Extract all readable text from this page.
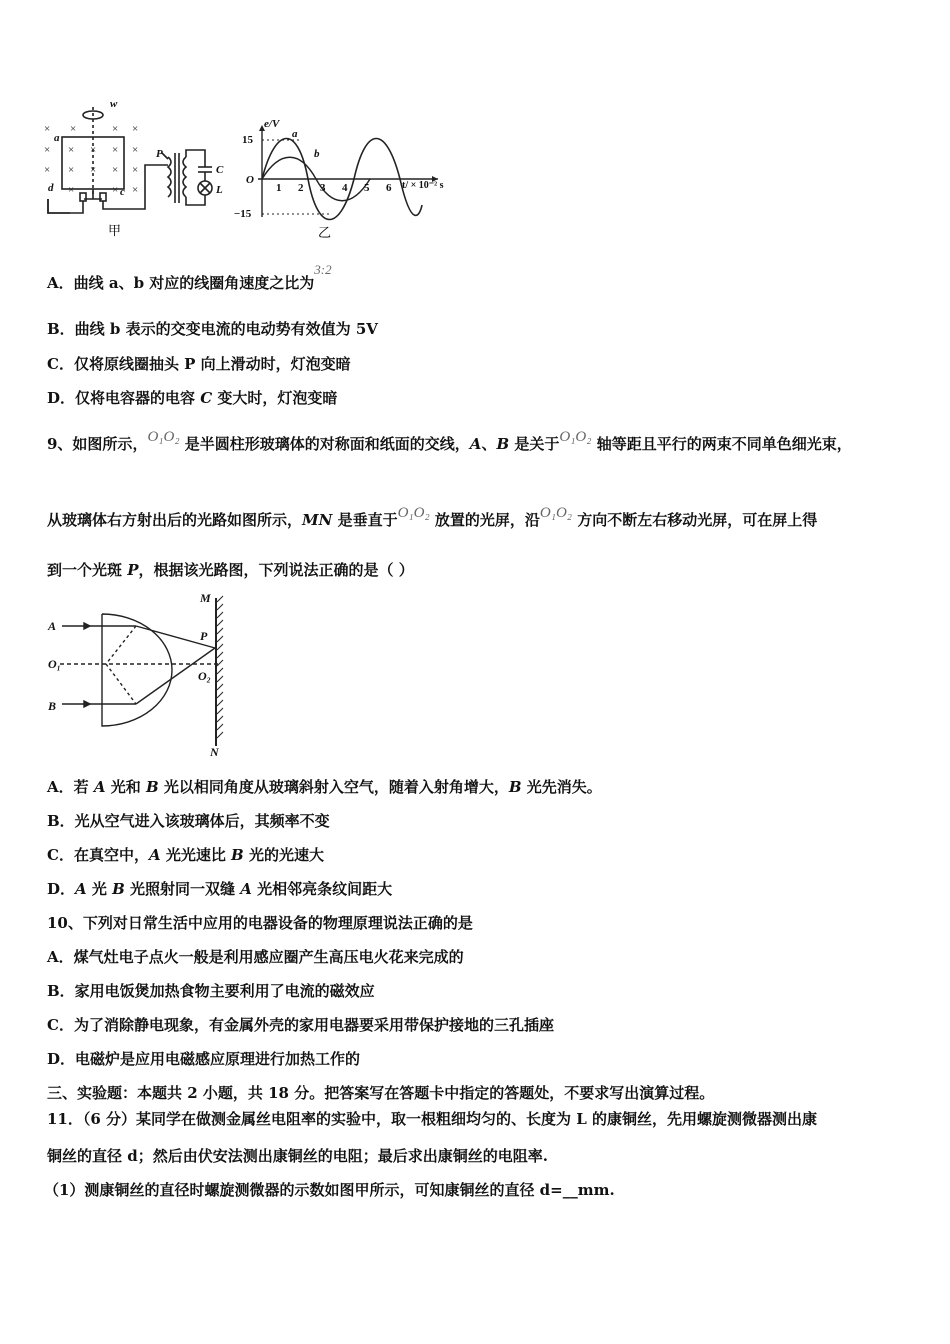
× ×	× ×
× × × × ×
× × × × ×
×	× ×
w
a
d	c
P
C
L
甲
e/V
a
b
15
O
−15
1 2 3 4 5 6 t/ × 10⁻² s
乙
A．曲线 a、b 对应的线圈角速度之比为3:2
B．曲线 b 表示的交变电流的电动势有效值为 5V
C．仅将原线圈抽头 P 向上滑动时，灯泡变暗
D．仅将电容器的电容 C 变大时，灯泡变暗
9、如图所示，O₁O₂ 是半圆柱形玻璃体的对称面和纸面的交线，A、B 是关于O₁O₂ 轴等距且平行的两束不同单色细光束，
从玻璃体右方射出后的光路如图所示，MN 是垂直于O₁O₂ 放置的光屏，沿O₁O₂ 方向不断左右移动光屏，可在屏上得
到一个光斑 P，根据该光路图，下列说法正确的是（ ）
A
B
O₁
O₂
M
N
P
A．若 A 光和 B 光以相同角度从玻璃斜射入空气，随着入射角增大，B 光先消失。
B．光从空气进入该玻璃体后，其频率不变
C．在真空中，A 光光速比 B 光的光速大
D．A 光 B 光照射同一双缝 A 光相邻亮条纹间距大
10、下列对日常生活中应用的电器设备的物理原理说法正确的是
A．煤气灶电子点火一般是利用感应圈产生高压电火花来完成的
B．家用电饭煲加热食物主要利用了电流的磁效应
C．为了消除静电现象，有金属外壳的家用电器要采用带保护接地的三孔插座
D．电磁炉是应用电磁感应原理进行加热工作的
三、实验题：本题共 2 小题，共 18 分。把答案写在答题卡中指定的答题处，不要求写出演算过程。
11．（6 分）某同学在做测金属丝电阻率的实验中，取一根粗细均匀的、长度为 L 的康铜丝，先用螺旋测微器测出康
铜丝的直径 d；然后由伏安法测出康铜丝的电阻；最后求出康铜丝的电阻率.
（1）测康铜丝的直径时螺旋测微器的示数如图甲所示，可知康铜丝的直径 d=__mm.
